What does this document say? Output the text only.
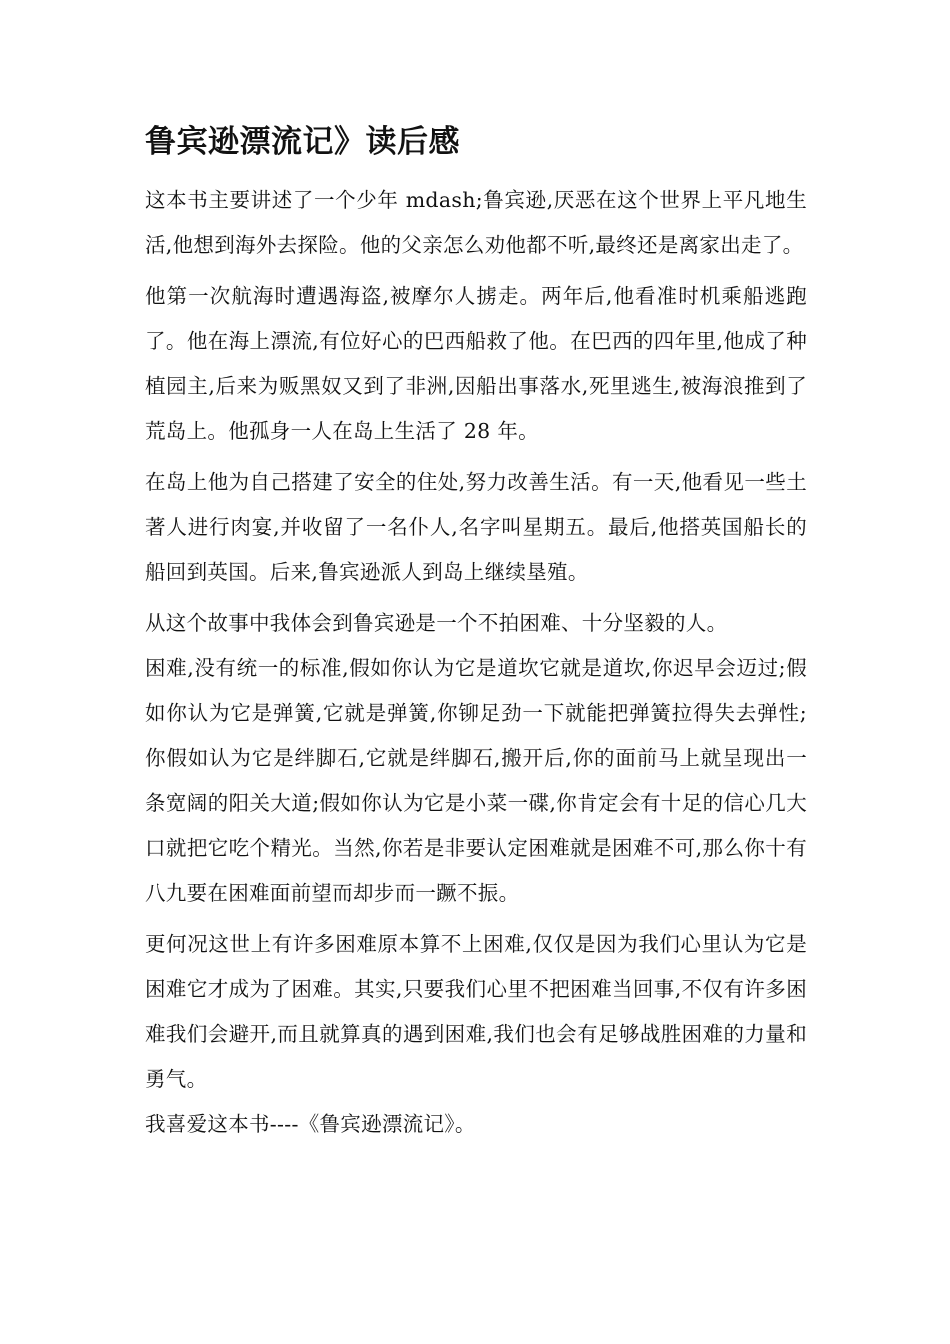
鲁宾逊漂流记》读后感

这本书主要讲述了一个少年 mdash;鲁宾逊,厌恶在这个世界上平凡地生活,他想到海外去探险。他的父亲怎么劝他都不听,最终还是离家出走了。

他第一次航海时遭遇海盗,被摩尔人掳走。两年后,他看准时机乘船逃跑了。他在海上漂流,有位好心的巴西船救了他。在巴西的四年里,他成了种植园主,后来为贩黑奴又到了非洲,因船出事落水,死里逃生,被海浪推到了荒岛上。他孤身一人在岛上生活了 28 年。

在岛上他为自己搭建了安全的住处,努力改善生活。有一天,他看见一些土著人进行肉宴,并收留了一名仆人,名字叫星期五。最后,他搭英国船长的船回到英国。后来,鲁宾逊派人到岛上继续垦殖。

从这个故事中我体会到鲁宾逊是一个不拍困难、十分坚毅的人。

困难,没有统一的标准,假如你认为它是道坎它就是道坎,你迟早会迈过;假如你认为它是弹簧,它就是弹簧,你铆足劲一下就能把弹簧拉得失去弹性;你假如认为它是绊脚石,它就是绊脚石,搬开后,你的面前马上就呈现出一条宽阔的阳关大道;假如你认为它是小菜一碟,你肯定会有十足的信心几大口就把它吃个精光。当然,你若是非要认定困难就是困难不可,那么你十有八九要在困难面前望而却步而一蹶不振。

更何况这世上有许多困难原本算不上困难,仅仅是因为我们心里认为它是困难它才成为了困难。其实,只要我们心里不把困难当回事,不仅有许多困难我们会避开,而且就算真的遇到困难,我们也会有足够战胜困难的力量和勇气。

我喜爱这本书----《鲁宾逊漂流记》。
